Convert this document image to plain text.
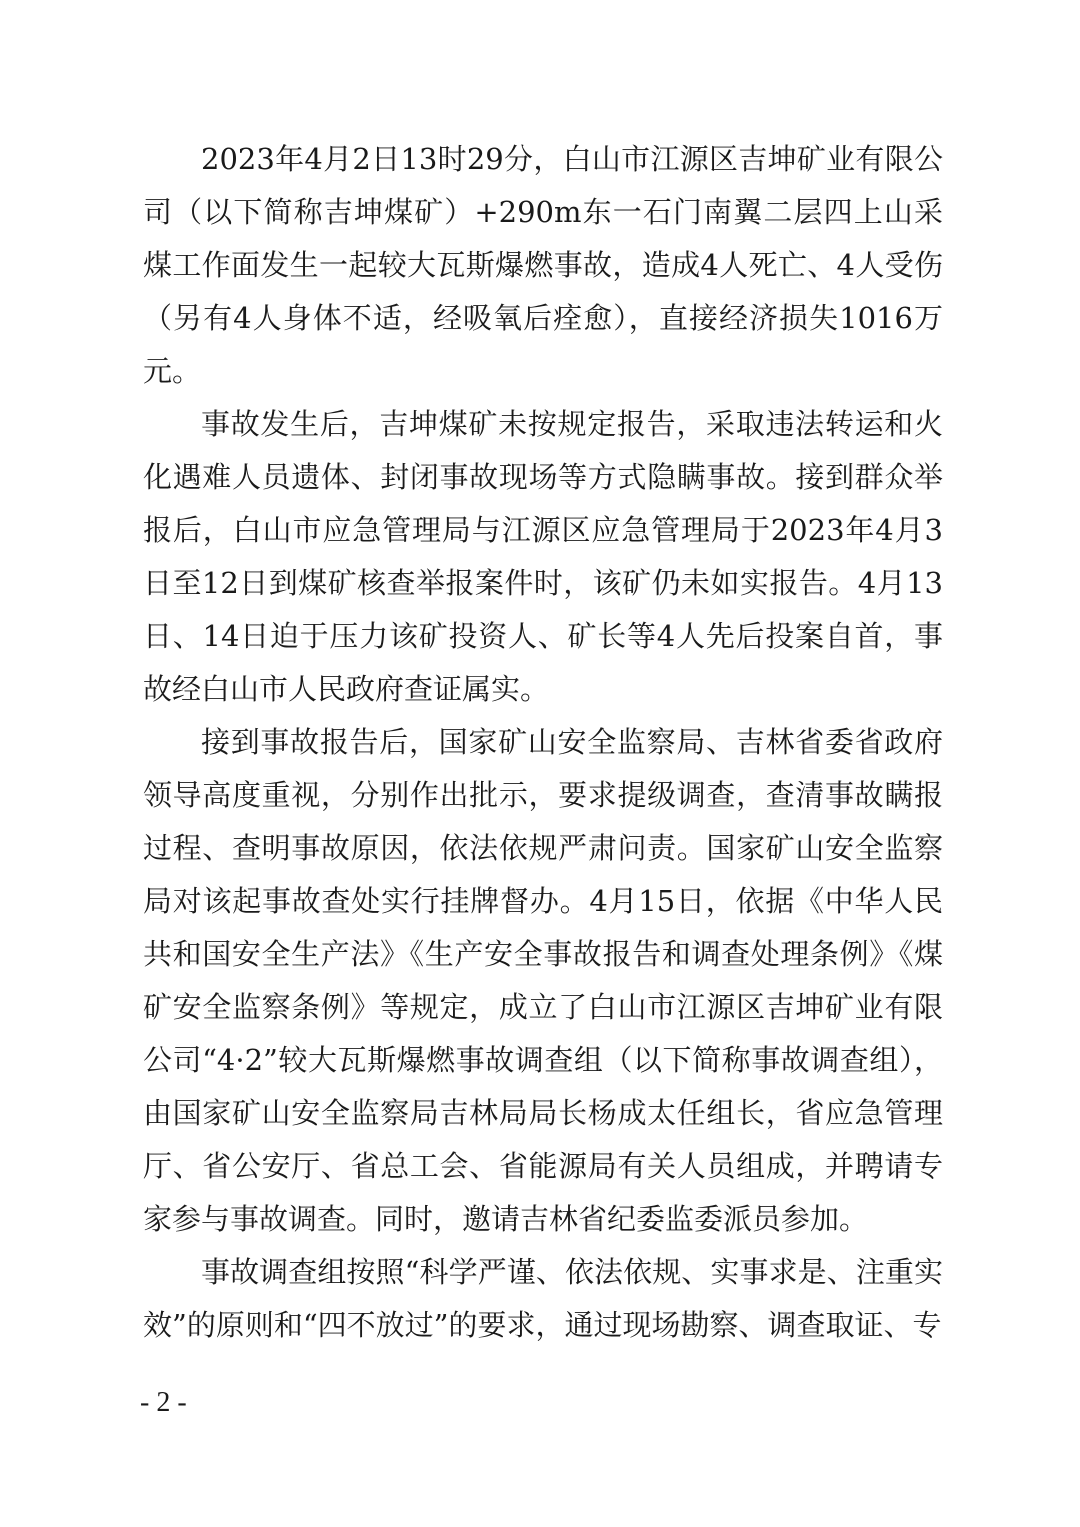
2023年4月2日13时29分，白山市江源区吉坤矿业有限公司（以下简称吉坤煤矿）+290m东一石门南翼二层四上山采煤工作面发生一起较大瓦斯爆燃事故，造成4人死亡、4人受伤（另有4人身体不适，经吸氧后痊愈），直接经济损失1016万元。

事故发生后，吉坤煤矿未按规定报告，采取违法转运和火化遇难人员遗体、封闭事故现场等方式隐瞒事故。接到群众举报后，白山市应急管理局与江源区应急管理局于2023年4月3日至12日到煤矿核查举报案件时，该矿仍未如实报告。4月13日、14日迫于压力该矿投资人、矿长等4人先后投案自首，事故经白山市人民政府查证属实。

接到事故报告后，国家矿山安全监察局、吉林省委省政府领导高度重视，分别作出批示，要求提级调查，查清事故瞒报过程、查明事故原因，依法依规严肃问责。国家矿山安全监察局对该起事故查处实行挂牌督办。4月15日，依据《中华人民共和国安全生产法》《生产安全事故报告和调查处理条例》《煤矿安全监察条例》等规定，成立了白山市江源区吉坤矿业有限公司“4·2”较大瓦斯爆燃事故调查组（以下简称事故调查组），由国家矿山安全监察局吉林局局长杨成太任组长，省应急管理厅、省公安厅、省总工会、省能源局有关人员组成，并聘请专家参与事故调查。同时，邀请吉林省纪委监委派员参加。

事故调查组按照“科学严谨、依法依规、实事求是、注重实效”的原则和“四不放过”的要求，通过现场勘察、调查取证、专

- 2 -
